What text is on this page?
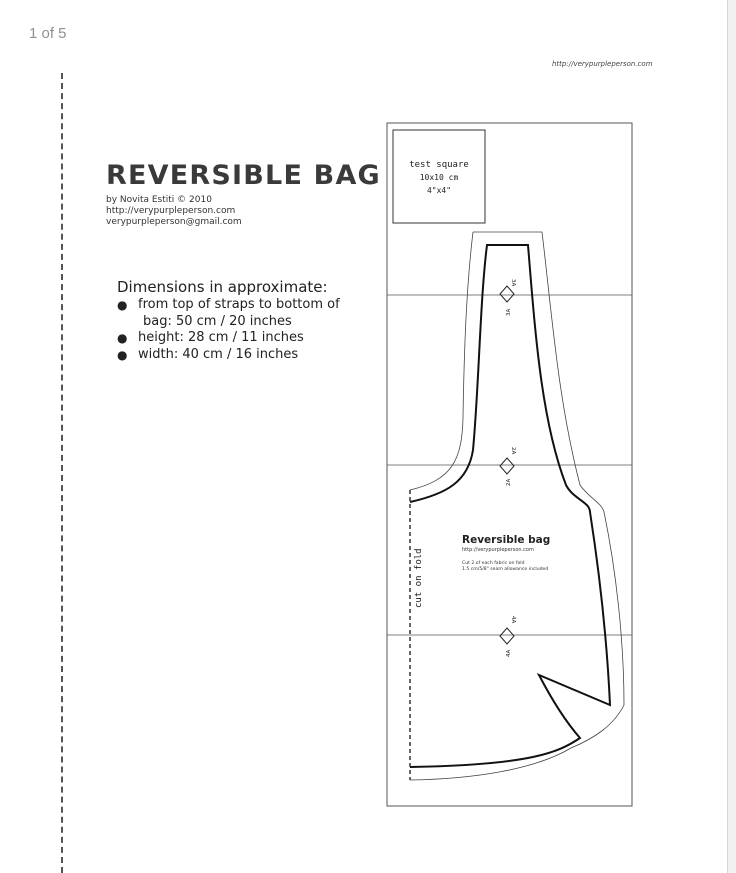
1 of 5
http://verypurpleperson.com
REVERSIBLE BAG
by Novita Estiti © 2010
http://verypurpleperson.com
verypurpleperson@gmail.com
Dimensions in approximate:
● from top of straps to bottom of
bag: 50 cm / 20 inches
● height: 28 cm / 11 inches
● width: 40 cm / 16 inches
test square
10x10 cm
4"x4"
3A
3A
2A
2A
4A
4A
cut on fold
Reversible bag
http://verypurpleperson.com
Cut 2 of each fabric on fold
1.5 cm/5/8" seam allowance included
